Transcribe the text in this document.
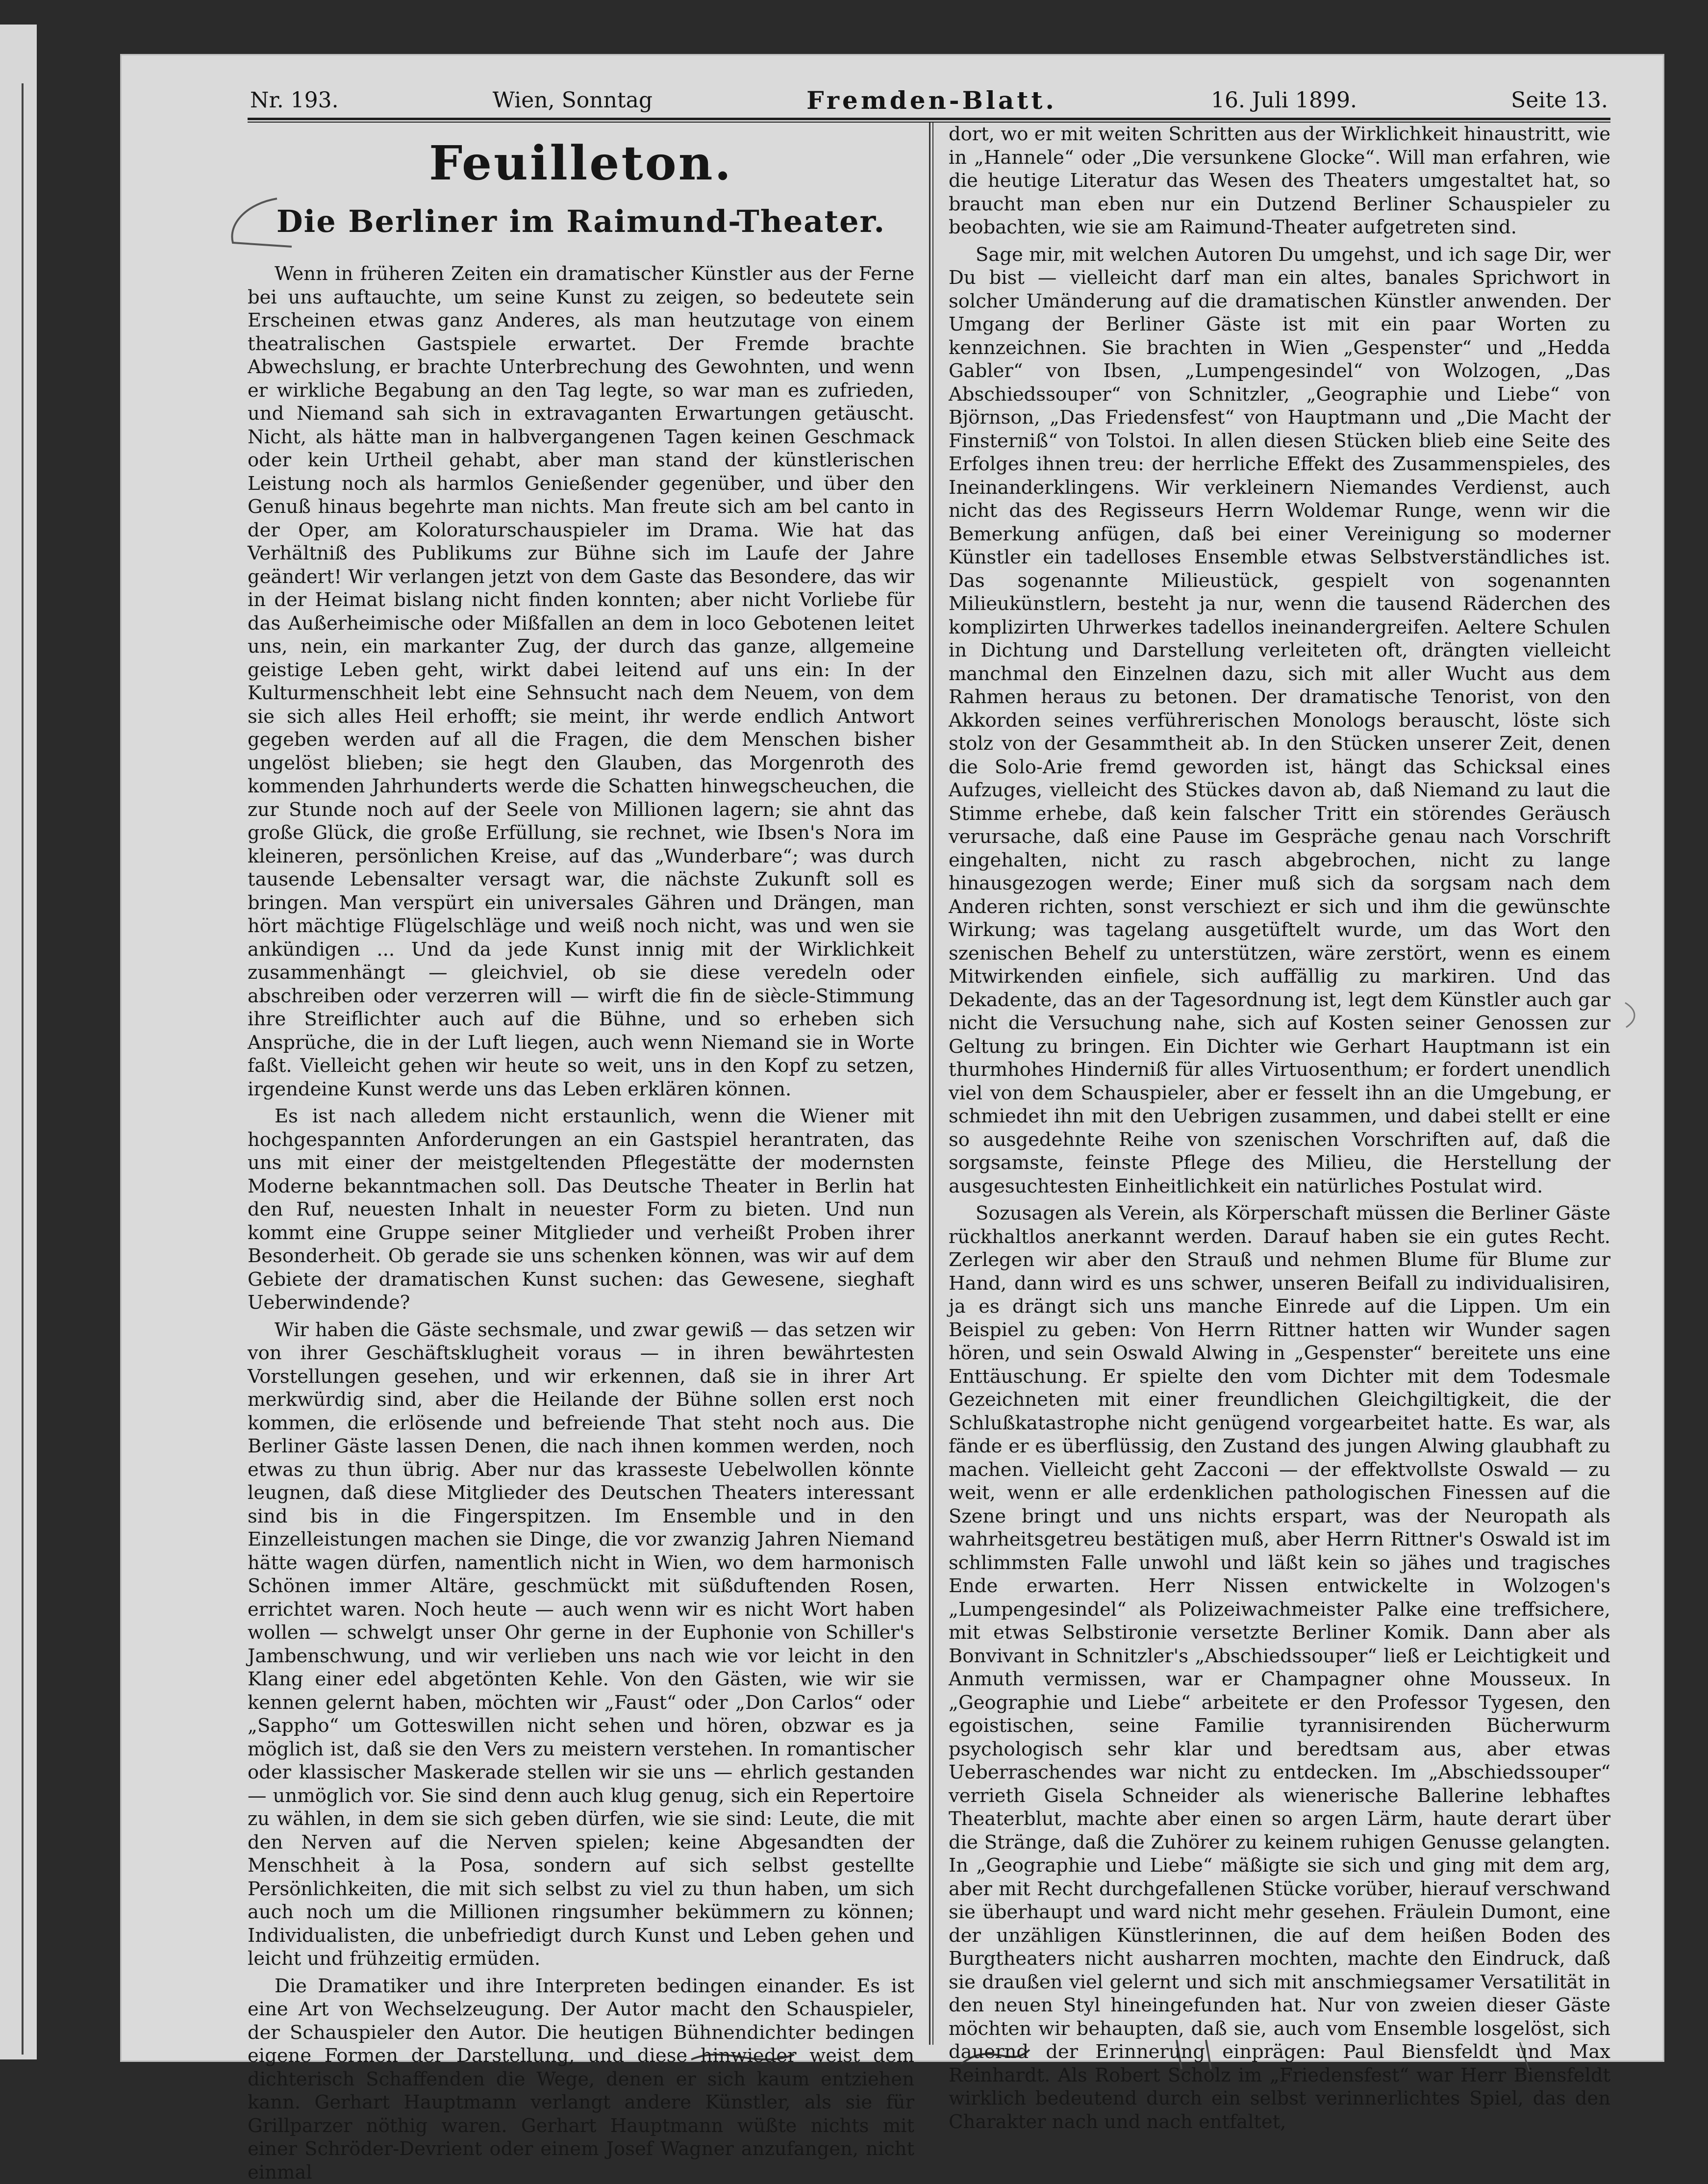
Nr. 193.	Wien, Sonntag	Fremden-Blatt.	16. Juli 1899.	Seite 13.
Feuilleton.
Die Berliner im Raimund-Theater.

Wenn in früheren Zeiten ein dramatischer Künstler aus der Ferne bei uns auftauchte, um seine Kunst zu zeigen, so bedeutete sein Erscheinen etwas ganz Anderes, als man heutzutage von einem theatralischen Gastspiele erwartet. Der Fremde brachte Abwechslung, er brachte Unterbrechung des Gewohnten, und wenn er wirkliche Begabung an den Tag legte, so war man es zufrieden, und Niemand sah sich in extravaganten Erwartungen getäuscht. Nicht, als hätte man in halbvergangenen Tagen keinen Geschmack oder kein Urtheil gehabt, aber man stand der künstlerischen Leistung noch als harmlos Genießender gegenüber, und über den Genuß hinaus begehrte man nichts. Man freute sich am bel canto in der Oper, am Koloraturschauspieler im Drama. Wie hat das Verhältniß des Publikums zur Bühne sich im Laufe der Jahre geändert! Wir verlangen jetzt von dem Gaste das Besondere, das wir in der Heimat bislang nicht finden konnten; aber nicht Vorliebe für das Außerheimische oder Mißfallen an dem in loco Gebotenen leitet uns, nein, ein markanter Zug, der durch das ganze, allgemeine geistige Leben geht, wirkt dabei leitend auf uns ein: In der Kulturmenschheit lebt eine Sehnsucht nach dem Neuem, von dem sie sich alles Heil erhofft; sie meint, ihr werde endlich Antwort gegeben werden auf all die Fragen, die dem Menschen bisher ungelöst blieben; sie hegt den Glauben, das Morgenroth des kommenden Jahrhunderts werde die Schatten hinwegscheuchen, die zur Stunde noch auf der Seele von Millionen lagern; sie ahnt das große Glück, die große Erfüllung, sie rechnet, wie Ibsen's Nora im kleineren, persönlichen Kreise, auf das „Wunderbare“; was durch tausende Lebensalter versagt war, die nächste Zukunft soll es bringen. Man verspürt ein universales Gähren und Drängen, man hört mächtige Flügelschläge und weiß noch nicht, was und wen sie ankündigen ... Und da jede Kunst innig mit der Wirklichkeit zusammenhängt — gleichviel, ob sie diese veredeln oder abschreiben oder verzerren will — wirft die fin de siècle-Stimmung ihre Streiflichter auch auf die Bühne, und so erheben sich Ansprüche, die in der Luft liegen, auch wenn Niemand sie in Worte faßt. Vielleicht gehen wir heute so weit, uns in den Kopf zu setzen, irgendeine Kunst werde uns das Leben erklären können.

Es ist nach alledem nicht erstaunlich, wenn die Wiener mit hochgespannten Anforderungen an ein Gastspiel herantraten, das uns mit einer der meistgeltenden Pflegestätte der modernsten Moderne bekanntmachen soll. Das Deutsche Theater in Berlin hat den Ruf, neuesten Inhalt in neuester Form zu bieten. Und nun kommt eine Gruppe seiner Mitglieder und verheißt Proben ihrer Besonderheit. Ob gerade sie uns schenken können, was wir auf dem Gebiete der dramatischen Kunst suchen: das Gewesene, sieghaft Ueberwindende?

Wir haben die Gäste sechsmale, und zwar gewiß — das setzen wir von ihrer Geschäftsklugheit voraus — in ihren bewährtesten Vorstellungen gesehen, und wir erkennen, daß sie in ihrer Art merkwürdig sind, aber die Heilande der Bühne sollen erst noch kommen, die erlösende und befreiende That steht noch aus. Die Berliner Gäste lassen Denen, die nach ihnen kommen werden, noch etwas zu thun übrig. Aber nur das krasseste Uebelwollen könnte leugnen, daß diese Mitglieder des Deutschen Theaters interessant sind bis in die Fingerspitzen. Im Ensemble und in den Einzelleistungen machen sie Dinge, die vor zwanzig Jahren Niemand hätte wagen dürfen, namentlich nicht in Wien, wo dem harmonisch Schönen immer Altäre, geschmückt mit süßduftenden Rosen, errichtet waren. Noch heute — auch wenn wir es nicht Wort haben wollen — schwelgt unser Ohr gerne in der Euphonie von Schiller's Jambenschwung, und wir verlieben uns nach wie vor leicht in den Klang einer edel abgetönten Kehle. Von den Gästen, wie wir sie kennen gelernt haben, möchten wir „Faust“ oder „Don Carlos“ oder „Sappho“ um Gotteswillen nicht sehen und hören, obzwar es ja möglich ist, daß sie den Vers zu meistern verstehen. In romantischer oder klassischer Maskerade stellen wir sie uns — ehrlich gestanden — unmöglich vor. Sie sind denn auch klug genug, sich ein Repertoire zu wählen, in dem sie sich geben dürfen, wie sie sind: Leute, die mit den Nerven auf die Nerven spielen; keine Abgesandten der Menschheit à la Posa, sondern auf sich selbst gestellte Persönlichkeiten, die mit sich selbst zu viel zu thun haben, um sich auch noch um die Millionen ringsumher bekümmern zu können; Individualisten, die unbefriedigt durch Kunst und Leben gehen und leicht und frühzeitig ermüden.

Die Dramatiker und ihre Interpreten bedingen einander. Es ist eine Art von Wechselzeugung. Der Autor macht den Schauspieler, der Schauspieler den Autor. Die heutigen Bühnendichter bedingen eigene Formen der Darstellung, und diese hinwieder weist dem dichterisch Schaffenden die Wege, denen er sich kaum entziehen kann. Gerhart Hauptmann verlangt andere Künstler, als sie für Grillparzer nöthig waren. Gerhart Hauptmann wüßte nichts mit einer Schröder-Devrient oder einem Josef Wagner anzufangen, nicht einmal

dort, wo er mit weiten Schritten aus der Wirklichkeit hinaustritt, wie in „Hannele“ oder „Die versunkene Glocke“. Will man erfahren, wie die heutige Literatur das Wesen des Theaters umgestaltet hat, so braucht man eben nur ein Dutzend Berliner Schauspieler zu beobachten, wie sie am Raimund-Theater aufgetreten sind.

Sage mir, mit welchen Autoren Du umgehst, und ich sage Dir, wer Du bist — vielleicht darf man ein altes, banales Sprichwort in solcher Umänderung auf die dramatischen Künstler anwenden. Der Umgang der Berliner Gäste ist mit ein paar Worten zu kennzeichnen. Sie brachten in Wien „Gespenster“ und „Hedda Gabler“ von Ibsen, „Lumpengesindel“ von Wolzogen, „Das Abschiedssouper“ von Schnitzler, „Geographie und Liebe“ von Björnson, „Das Friedensfest“ von Hauptmann und „Die Macht der Finsterniß“ von Tolstoi. In allen diesen Stücken blieb eine Seite des Erfolges ihnen treu: der herrliche Effekt des Zusammenspieles, des Ineinanderklingens. Wir verkleinern Niemandes Verdienst, auch nicht das des Regisseurs Herrn Woldemar Runge, wenn wir die Bemerkung anfügen, daß bei einer Vereinigung so moderner Künstler ein tadelloses Ensemble etwas Selbstverständliches ist. Das sogenannte Milieustück, gespielt von sogenannten Milieukünstlern, besteht ja nur, wenn die tausend Räderchen des komplizirten Uhrwerkes tadellos ineinandergreifen. Aeltere Schulen in Dichtung und Darstellung verleiteten oft, drängten vielleicht manchmal den Einzelnen dazu, sich mit aller Wucht aus dem Rahmen heraus zu betonen. Der dramatische Tenorist, von den Akkorden seines verführerischen Monologs berauscht, löste sich stolz von der Gesammtheit ab. In den Stücken unserer Zeit, denen die Solo-Arie fremd geworden ist, hängt das Schicksal eines Aufzuges, vielleicht des Stückes davon ab, daß Niemand zu laut die Stimme erhebe, daß kein falscher Tritt ein störendes Geräusch verursache, daß eine Pause im Gespräche genau nach Vorschrift eingehalten, nicht zu rasch abgebrochen, nicht zu lange hinausgezogen werde; Einer muß sich da sorgsam nach dem Anderen richten, sonst verschiezt er sich und ihm die gewünschte Wirkung; was tagelang ausgetüftelt wurde, um das Wort den szenischen Behelf zu unterstützen, wäre zerstört, wenn es einem Mitwirkenden einfiele, sich auffällig zu markiren. Und das Dekadente, das an der Tagesordnung ist, legt dem Künstler auch gar nicht die Versuchung nahe, sich auf Kosten seiner Genossen zur Geltung zu bringen. Ein Dichter wie Gerhart Hauptmann ist ein thurmhohes Hinderniß für alles Virtuosenthum; er fordert unendlich viel von dem Schauspieler, aber er fesselt ihn an die Umgebung, er schmiedet ihn mit den Uebrigen zusammen, und dabei stellt er eine so ausgedehnte Reihe von szenischen Vorschriften auf, daß die sorgsamste, feinste Pflege des Milieu, die Herstellung der ausgesuchtesten Einheitlichkeit ein natürliches Postulat wird.

Sozusagen als Verein, als Körperschaft müssen die Berliner Gäste rückhaltlos anerkannt werden. Darauf haben sie ein gutes Recht. Zerlegen wir aber den Strauß und nehmen Blume für Blume zur Hand, dann wird es uns schwer, unseren Beifall zu individualisiren, ja es drängt sich uns manche Einrede auf die Lippen. Um ein Beispiel zu geben: Von Herrn Rittner hatten wir Wunder sagen hören, und sein Oswald Alwing in „Gespenster“ bereitete uns eine Enttäuschung. Er spielte den vom Dichter mit dem Todesmale Gezeichneten mit einer freundlichen Gleichgiltigkeit, die der Schlußkatastrophe nicht genügend vorgearbeitet hatte. Es war, als fände er es überflüssig, den Zustand des jungen Alwing glaubhaft zu machen. Vielleicht geht Zacconi — der effektvollste Oswald — zu weit, wenn er alle erdenklichen pathologischen Finessen auf die Szene bringt und uns nichts erspart, was der Neuropath als wahrheitsgetreu bestätigen muß, aber Herrn Rittner's Oswald ist im schlimmsten Falle unwohl und läßt kein so jähes und tragisches Ende erwarten. Herr Nissen entwickelte in Wolzogen's „Lumpengesindel“ als Polizeiwachmeister Palke eine treffsichere, mit etwas Selbstironie versetzte Berliner Komik. Dann aber als Bonvivant in Schnitzler's „Abschiedssouper“ ließ er Leichtigkeit und Anmuth vermissen, war er Champagner ohne Mousseux. In „Geographie und Liebe“ arbeitete er den Professor Tygesen, den egoistischen, seine Familie tyrannisirenden Bücherwurm psychologisch sehr klar und beredtsam aus, aber etwas Ueberraschendes war nicht zu entdecken. Im „Abschiedssouper“ verrieth Gisela Schneider als wienerische Ballerine lebhaftes Theaterblut, machte aber einen so argen Lärm, haute derart über die Stränge, daß die Zuhörer zu keinem ruhigen Genusse gelangten. In „Geographie und Liebe“ mäßigte sie sich und ging mit dem arg, aber mit Recht durchgefallenen Stücke vorüber, hierauf verschwand sie überhaupt und ward nicht mehr gesehen. Fräulein Dumont, eine der unzähligen Künstlerinnen, die auf dem heißen Boden des Burgtheaters nicht ausharren mochten, machte den Eindruck, daß sie draußen viel gelernt und sich mit anschmiegsamer Versatilität in den neuen Styl hineingefunden hat. Nur von zweien dieser Gäste möchten wir behaupten, daß sie, auch vom Ensemble losgelöst, sich dauernd der Erinnerung einprägen: Paul Biensfeldt und Max Reinhardt. Als Robert Scholz im „Friedensfest“ war Herr Biensfeldt wirklich bedeutend durch ein selbst verinnerlichtes Spiel, das den Charakter nach und nach entfaltet,
